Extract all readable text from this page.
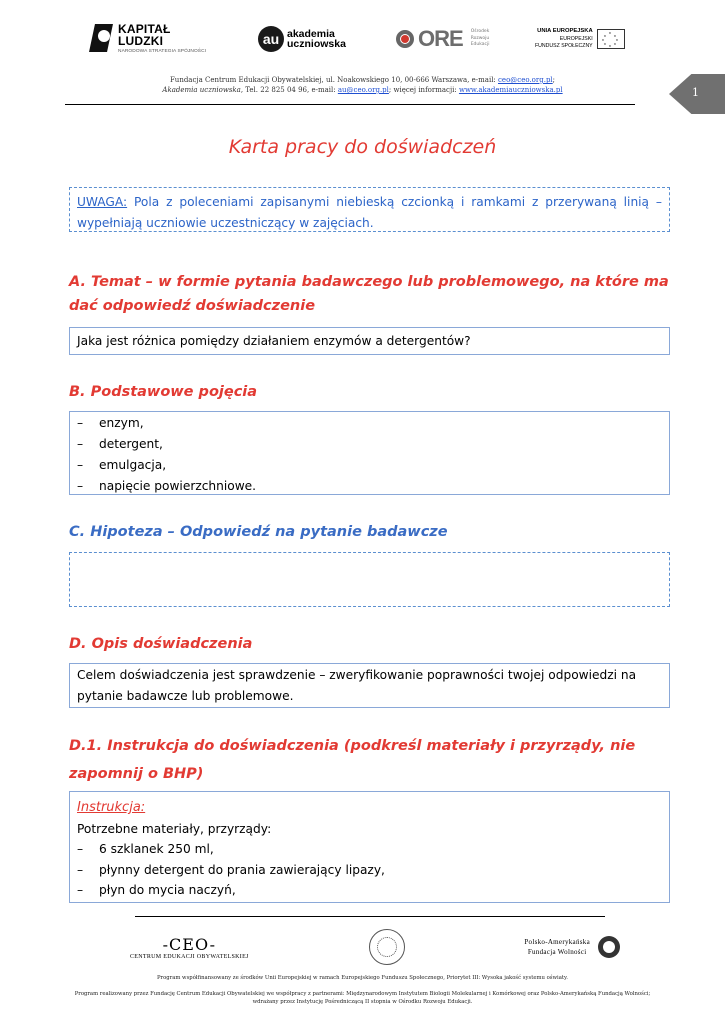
KAPITAŁ LUDZKI
NARODOWA STRATEGIA SPÓJNOŚCI
au akademia
uczniowska	ORE Ośrodek
Rozwoju
Edukacji
UNIA EUROPEJSKA
EUROPEJSKI
FUNDUSZ SPOŁECZNY
★
★ ★
★	★
★ ★
★
Fundacja Centrum Edukacji Obywatelskiej, ul. Noakowskiego 10, 00-666 Warszawa, e-mail: ceo@ceo.org.pl;
Akademia uczniowska, Tel. 22 825 04 96, e-mail: au@ceo.org.pl; więcej informacji: www.akademiauczniowska.pl	1
Karta pracy do doświadczeń
UWAGA: Pola z poleceniami zapisanymi niebieską czcionką i ramkami z przerywaną linią – wypełniają uczniowie uczestniczący w zajęciach.
A. Temat – w formie pytania badawczego lub problemowego, na które ma dać odpowiedź doświadczenie
Jaka jest różnica pomiędzy działaniem enzymów a detergentów?
B. Podstawowe pojęcia
– enzym,
– detergent,
– emulgacja,
– napięcie powierzchniowe.
C. Hipoteza – Odpowiedź na pytanie badawcze
D. Opis doświadczenia
Celem doświadczenia jest sprawdzenie – zweryfikowanie poprawności twojej odpowiedzi na pytanie badawcze lub problemowe.
D.1. Instrukcja do doświadczenia (podkreśl materiały i przyrządy, nie zapomnij o BHP)
Instrukcja:
Potrzebne materiały, przyrządy:
– 6 szklanek 250 ml,
– płynny detergent do prania zawierający lipazy,
– płyn do mycia naczyń,
-CEO-
CENTRUM EDUKACJI OBYWATELSKIEJ
Polsko-Amerykańska
Fundacja Wolności
Program współfinansowany ze środków Unii Europejskiej w ramach Europejskiego Funduszu Społecznego, Priorytet III: Wysoka jakość systemu oświaty.
Program realizowany przez Fundację Centrum Edukacji Obywatelskiej we współpracy z partnerami: Międzynarodowym Instytutem Biologii Molekularnej i Komórkowej oraz Polsko-Amerykańską Fundacją Wolności;
wdrażany przez Instytucję Pośredniczącą II stopnia w Ośrodku Rozwoju Edukacji.
